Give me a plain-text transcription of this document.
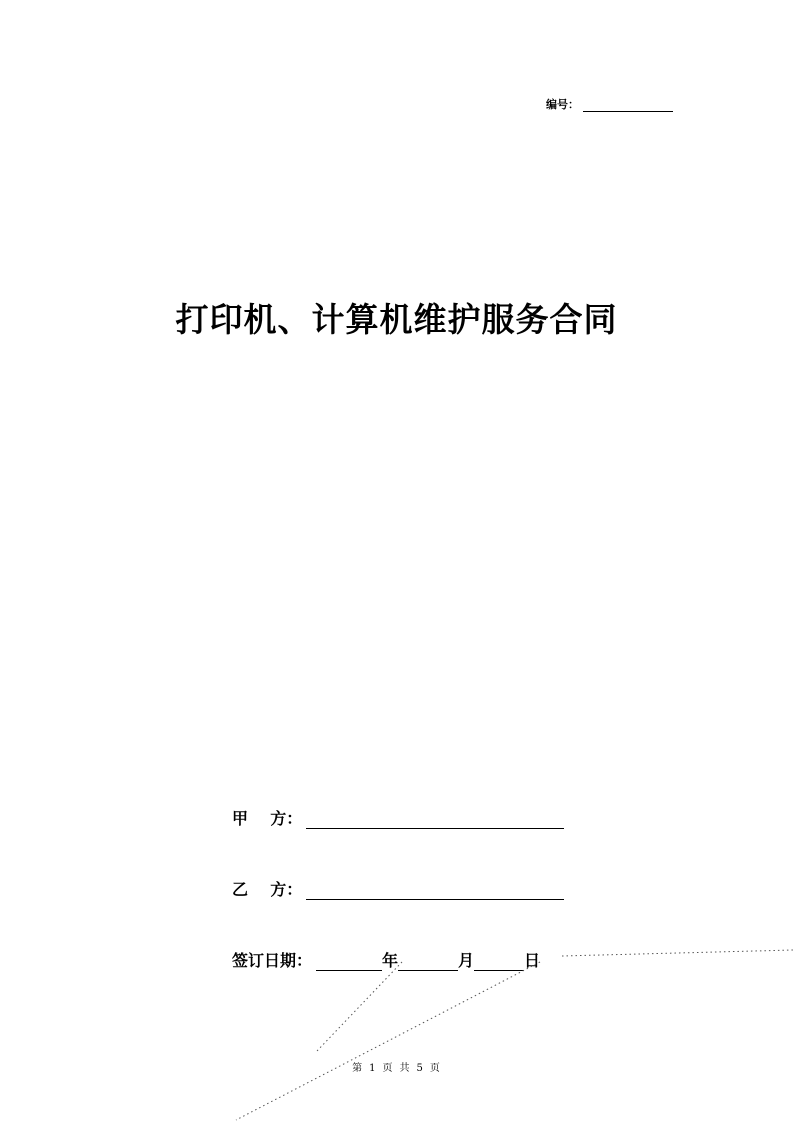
编号：
打印机、计算机维护服务合同
甲    方：
乙    方：
签订日期：	年	月	日
第 1 页 共 5 页
